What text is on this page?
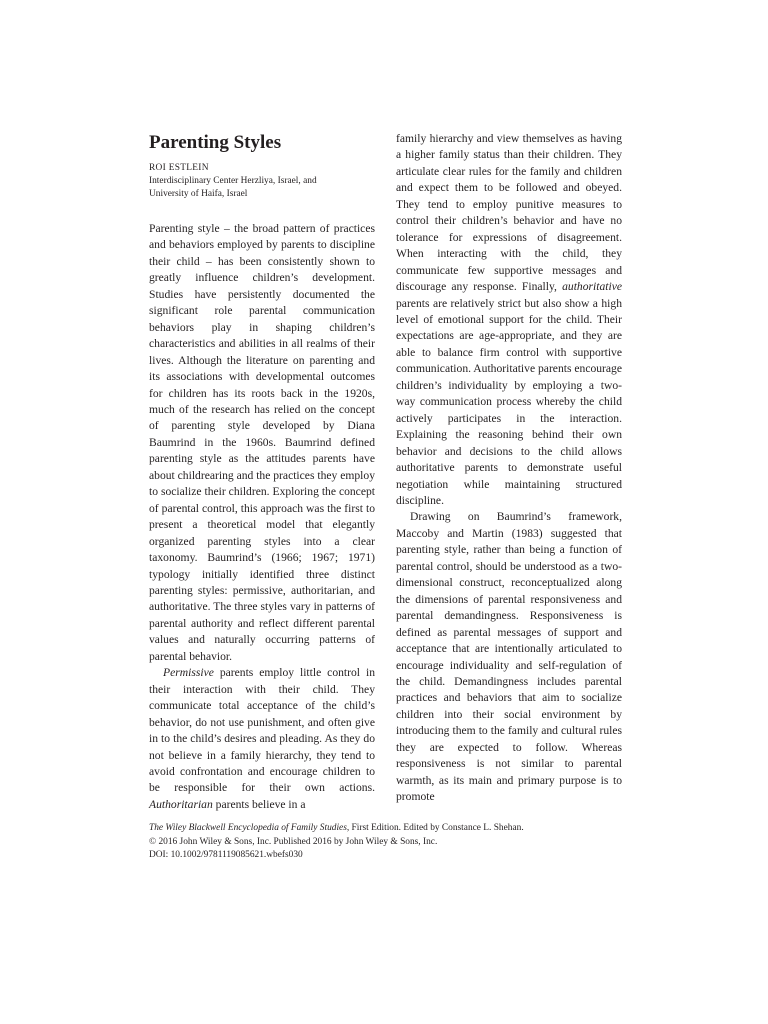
Parenting Styles

ROI ESTLEIN

Interdisciplinary Center Herzliya, Israel, and

University of Haifa, Israel

Parenting style – the broad pattern of practices and behaviors employed by parents to discipline their child – has been consistently shown to greatly influence children’s development. Studies have persistently documented the significant role parental communication behaviors play in shaping children’s characteristics and abilities in all realms of their lives. Although the literature on parenting and its associations with developmental outcomes for children has its roots back in the 1920s, much of the research has relied on the concept of parenting style developed by Diana Baumrind in the 1960s. Baumrind defined parenting style as the attitudes parents have about childrearing and the practices they employ to socialize their children. Exploring the concept of parental control, this approach was the first to present a theoretical model that elegantly organized parenting styles into a clear taxonomy. Baumrind’s (1966; 1967; 1971) typology initially identified three distinct parenting styles: permissive, authoritarian, and authoritative. The three styles vary in patterns of parental authority and reflect different parental values and naturally occurring patterns of parental behavior.

Permissive parents employ little control in their interaction with their child. They communicate total acceptance of the child’s behavior, do not use punishment, and often give in to the child’s desires and pleading. As they do not believe in a family hierarchy, they tend to avoid confrontation and encourage children to be responsible for their own actions. Authoritarian parents believe in a

family hierarchy and view themselves as having a higher family status than their children. They articulate clear rules for the family and children and expect them to be followed and obeyed. They tend to employ punitive measures to control their children’s behavior and have no tolerance for expressions of disagreement. When interacting with the child, they communicate few supportive messages and discourage any response. Finally, authoritative parents are relatively strict but also show a high level of emotional support for the child. Their expectations are age-appropriate, and they are able to balance firm control with supportive communication. Authoritative parents encourage children’s individuality by employing a two-way communication process whereby the child actively participates in the interaction. Explaining the reasoning behind their own behavior and decisions to the child allows authoritative parents to demonstrate useful negotiation while maintaining structured discipline.

Drawing on Baumrind’s framework, Maccoby and Martin (1983) suggested that parenting style, rather than being a function of parental control, should be understood as a two-dimensional construct, reconceptualized along the dimensions of parental responsiveness and parental demandingness. Responsiveness is defined as parental messages of support and acceptance that are intentionally articulated to encourage individuality and self-regulation of the child. Demandingness includes parental practices and behaviors that aim to socialize children into their social environment by introducing them to the family and cultural rules they are expected to follow. Whereas responsiveness is not similar to parental warmth, as its main and primary purpose is to promote

The Wiley Blackwell Encyclopedia of Family Studies, First Edition. Edited by Constance L. Shehan.

© 2016 John Wiley & Sons, Inc. Published 2016 by John Wiley & Sons, Inc.

DOI: 10.1002/9781119085621.wbefs030
